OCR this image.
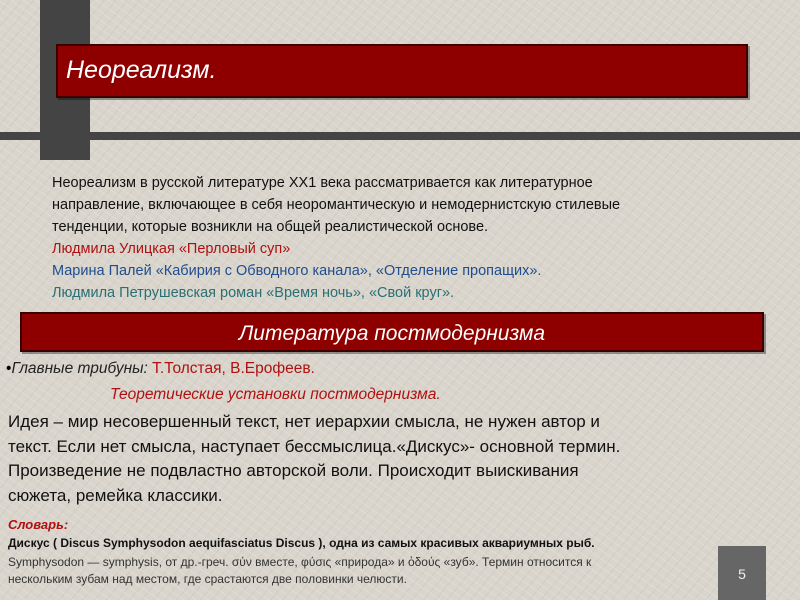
Неореализм.
Неореализм в русской литературе XX1 века рассматривается как литературное
направление, включающее в себя неоромантическую и немодернистскую стилевые
тенденции, которые возникли на общей реалистической основе.
Людмила Улицкая «Перловый суп»
Марина Палей «Кабирия с Обводного канала», «Отделение пропащих».
Людмила Петрушевская роман «Время ночь», «Свой круг».
Литература постмодернизма
•Главные трибуны: Т.Толстая, В.Ерофеев.
Теоретические установки постмодернизма.
Идея – мир несовершенный текст, нет иерархии смысла, не нужен автор и
текст. Если нет смысла, наступает бессмыслица.«Дискус»- основной термин.
Произведение не подвластно авторской воли. Происходит выискивания
сюжета, ремейка классики.
Словарь:
Дискус ( Discus Symphysodon aequifasciatus Discus ), одна из самых красивых аквариумных рыб.
Symphysodon — symphysis, от др.-греч. σύν вместе, φύσις «природа» и ὀδούς «зуб». Термин относится к
нескольким зубам над местом, где срастаются две половинки челюсти.	5
